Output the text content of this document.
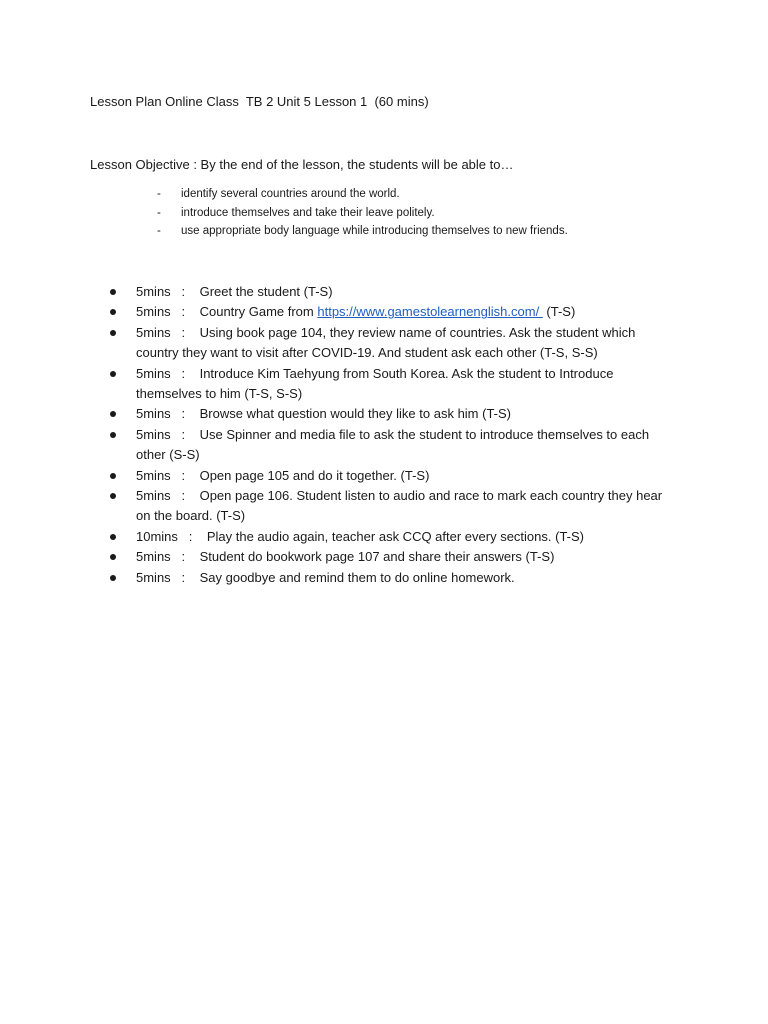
Lesson Plan Online Class  TB 2 Unit 5 Lesson 1  (60 mins)
Lesson Objective : By the end of the lesson, the students will be able to…
- identify several countries around the world.
- introduce themselves and take their leave politely.
- use appropriate body language while introducing themselves to new friends.
5mins   :    Greet the student (T-S)
5mins   :    Country Game from https://www.gamestolearnenglish.com/  (T-S)
5mins   :    Using book page 104, they review name of countries. Ask the student which country they want to visit after COVID-19. And student ask each other (T-S, S-S)
5mins   :    Introduce Kim Taehyung from South Korea. Ask the student to Introduce themselves to him (T-S, S-S)
5mins   :    Browse what question would they like to ask him (T-S)
5mins   :    Use Spinner and media file to ask the student to introduce themselves to each other (S-S)
5mins   :    Open page 105 and do it together. (T-S)
5mins   :    Open page 106. Student listen to audio and race to mark each country they hear on the board. (T-S)
10mins   :    Play the audio again, teacher ask CCQ after every sections. (T-S)
5mins   :    Student do bookwork page 107 and share their answers (T-S)
5mins   :    Say goodbye and remind them to do online homework.
